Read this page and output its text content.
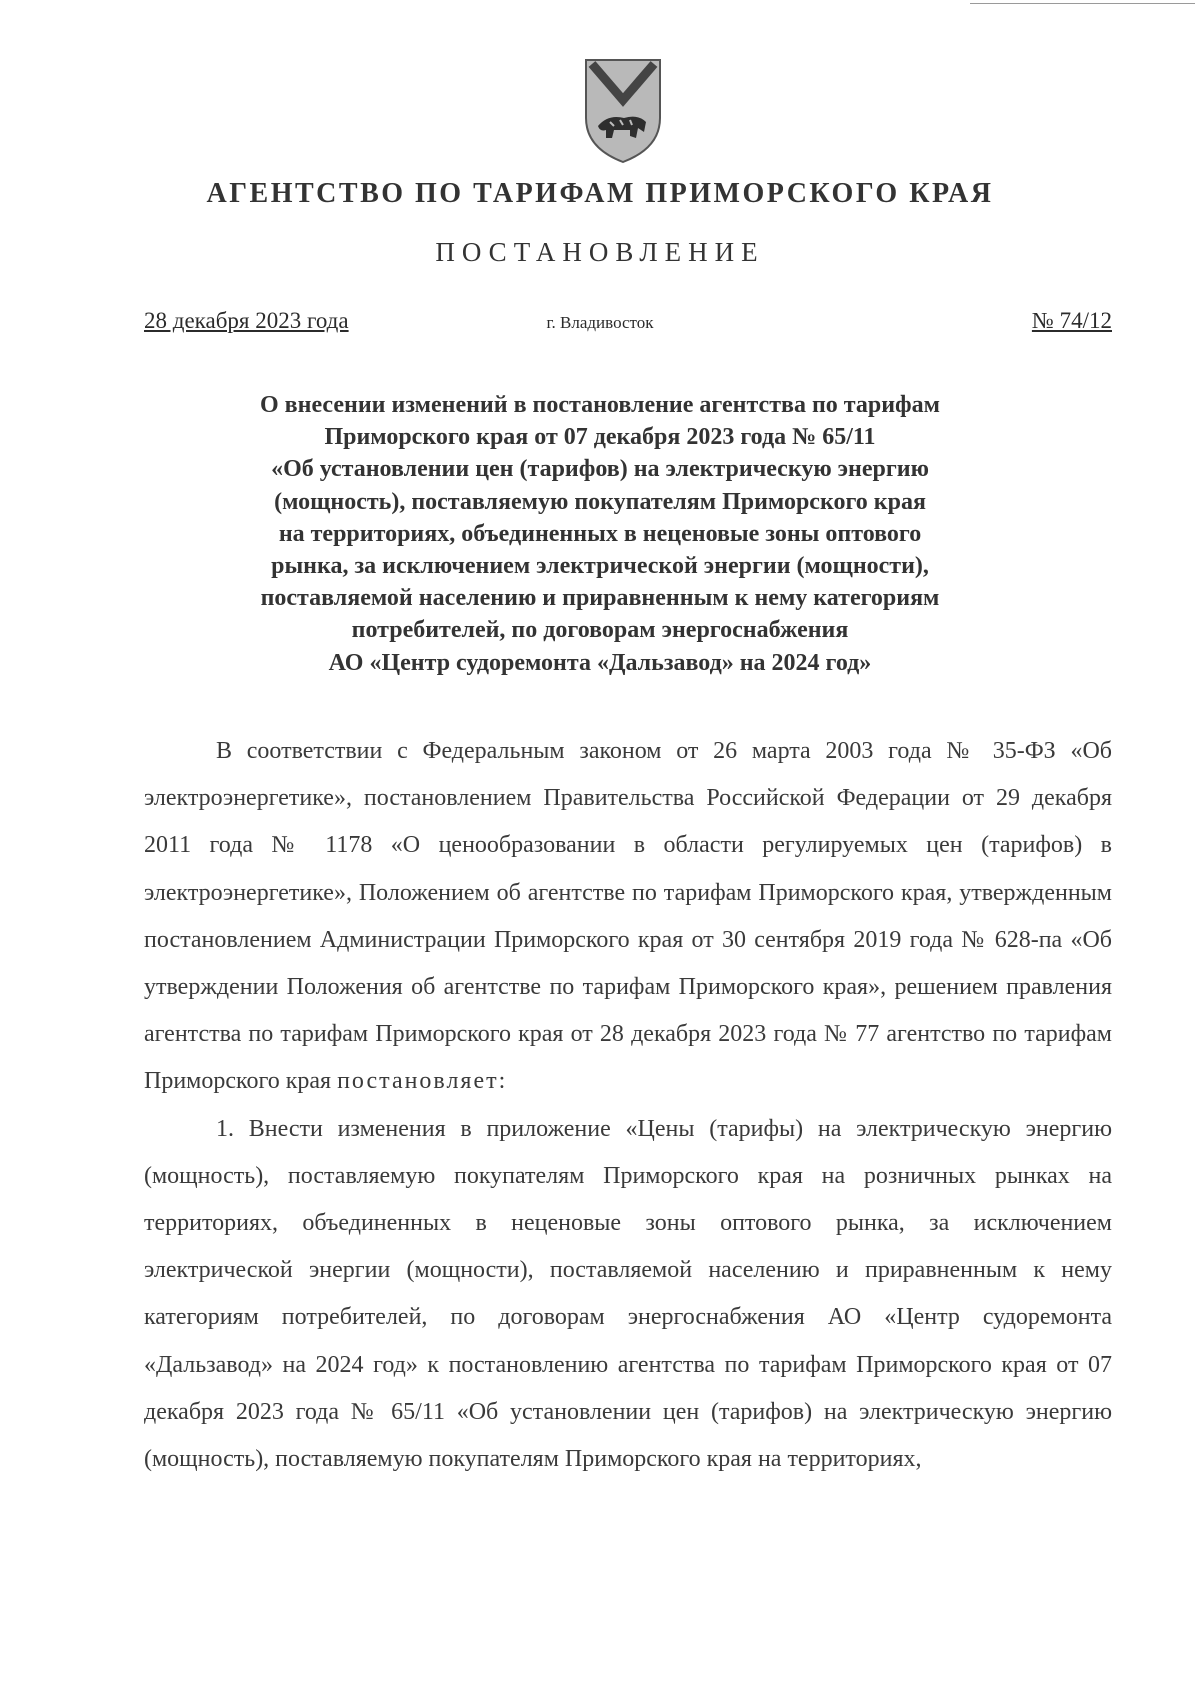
АГЕНТСТВО ПО ТАРИФАМ ПРИМОРСКОГО КРАЯ
ПОСТАНОВЛЕНИЕ
28 декабря 2023 года	г. Владивосток	№ 74/12
О внесении изменений в постановление агентства по тарифам
Приморского края от 07 декабря 2023 года № 65/11
«Об установлении цен (тарифов) на электрическую энергию
(мощность), поставляемую покупателям Приморского края
на территориях, объединенных в неценовые зоны оптового
рынка, за исключением электрической энергии (мощности),
поставляемой населению и приравненным к нему категориям
потребителей, по договорам энергоснабжения
АО «Центр судоремонта «Дальзавод» на 2024 год»

В соответствии с Федеральным законом от 26 марта 2003 года № 35-ФЗ «Об электроэнергетике», постановлением Правительства Российской Федерации от 29 декабря 2011 года № 1178 «О ценообразовании в области регулируемых цен (тарифов) в электроэнергетике», Положением об агентстве по тарифам Приморского края, утвержденным постановлением Администрации Приморского края от 30 сентября 2019 года № 628-па «Об утверждении Положения об агентстве по тарифам Приморского края», решением правления агентства по тарифам Приморского края от 28 декабря 2023 года № 77 агентство по тарифам Приморского края постановляет:

1. Внести изменения в приложение «Цены (тарифы) на электрическую энергию (мощность), поставляемую покупателям Приморского края на розничных рынках на территориях, объединенных в неценовые зоны оптового рынка, за исключением электрической энергии (мощности), поставляемой населению и приравненным к нему категориям потребителей, по договорам энергоснабжения АО «Центр судоремонта «Дальзавод» на 2024 год» к постановлению агентства по тарифам Приморского края от 07 декабря 2023 года № 65/11 «Об установлении цен (тарифов) на электрическую энергию (мощность), поставляемую покупателям Приморского края на территориях,
